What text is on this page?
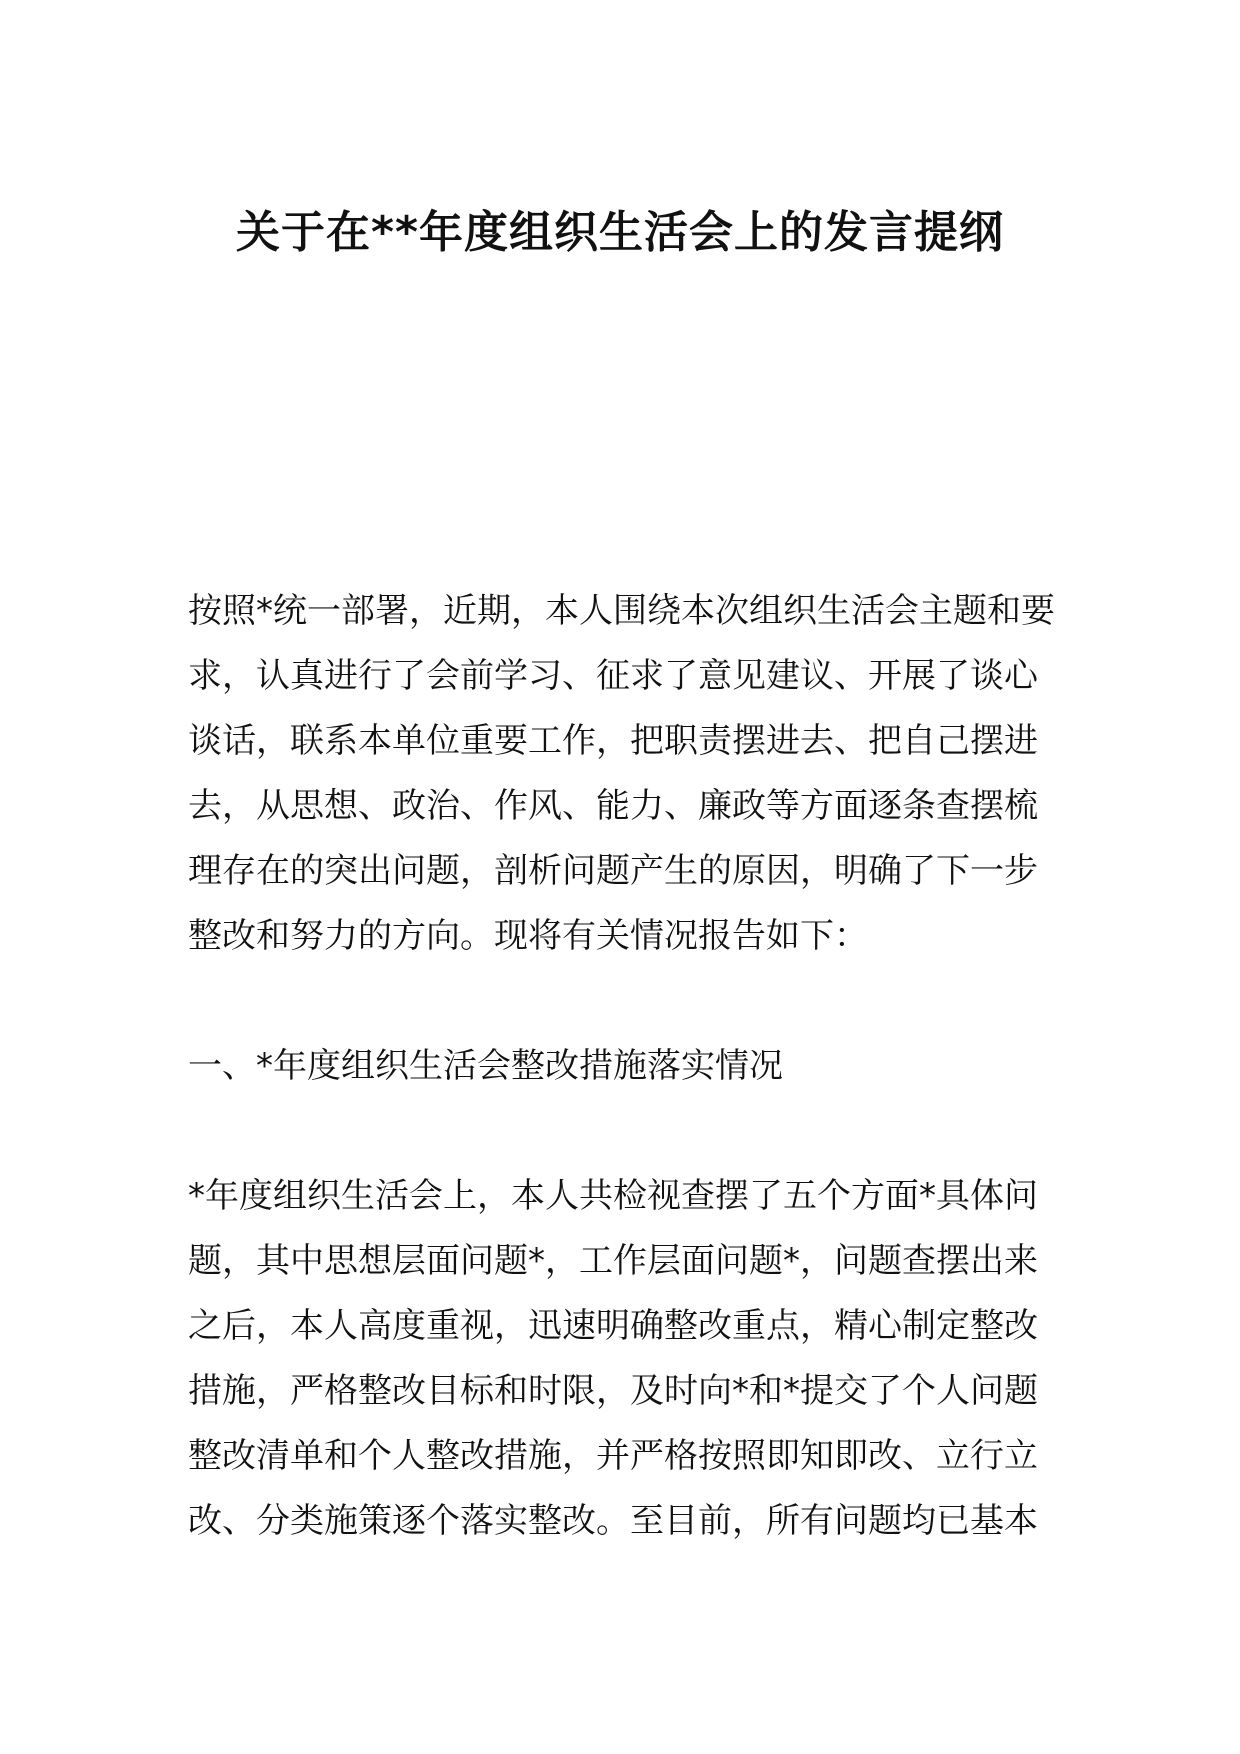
关于在**年度组织生活会上的发言提纲
按照*统一部署，近期，本人围绕本次组织生活会主题和要
求，认真进行了会前学习、征求了意见建议、开展了谈心
谈话，联系本单位重要工作，把职责摆进去、把自己摆进
去，从思想、政治、作风、能力、廉政等方面逐条查摆梳
理存在的突出问题，剖析问题产生的原因，明确了下一步
整改和努力的方向。现将有关情况报告如下：
一、*年度组织生活会整改措施落实情况
*年度组织生活会上，本人共检视查摆了五个方面*具体问
题，其中思想层面问题*，工作层面问题*，问题查摆出来
之后，本人高度重视，迅速明确整改重点，精心制定整改
措施，严格整改目标和时限，及时向*和*提交了个人问题
整改清单和个人整改措施，并严格按照即知即改、立行立
改、分类施策逐个落实整改。至目前，所有问题均已基本
